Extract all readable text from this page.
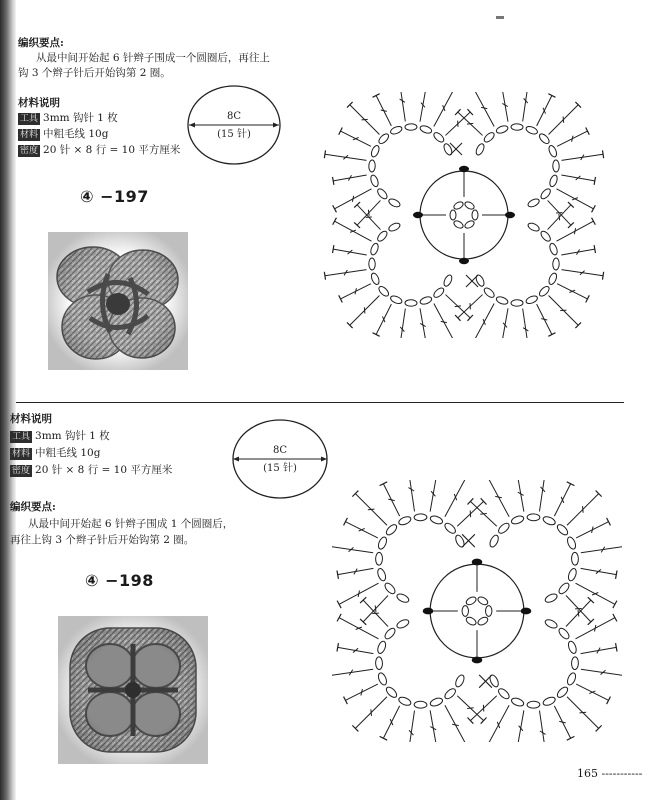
编织要点:
从最中间开始起 6 针辫子围成一个圆圈后，再往上
钩 3 个辫子针后开始钩第 2 圈。
材料说明
工具 3mm 钩针 1 枚
材料 中粗毛线 10g
密度 20 针 × 8 行 = 10 平方厘米
8C
(15 针)
④ −197
材料说明
工具 3mm 钩针 1 枚
材料 中粗毛线 10g
密度 20 针 × 8 行 = 10 平方厘米
8C
(15 针)
编织要点:
从最中间开始起 6 针辫子围成 1 个圆圈后，
再往上钩 3 个辫子针后开始钩第 2 圈。
④ −198
165 -----------
